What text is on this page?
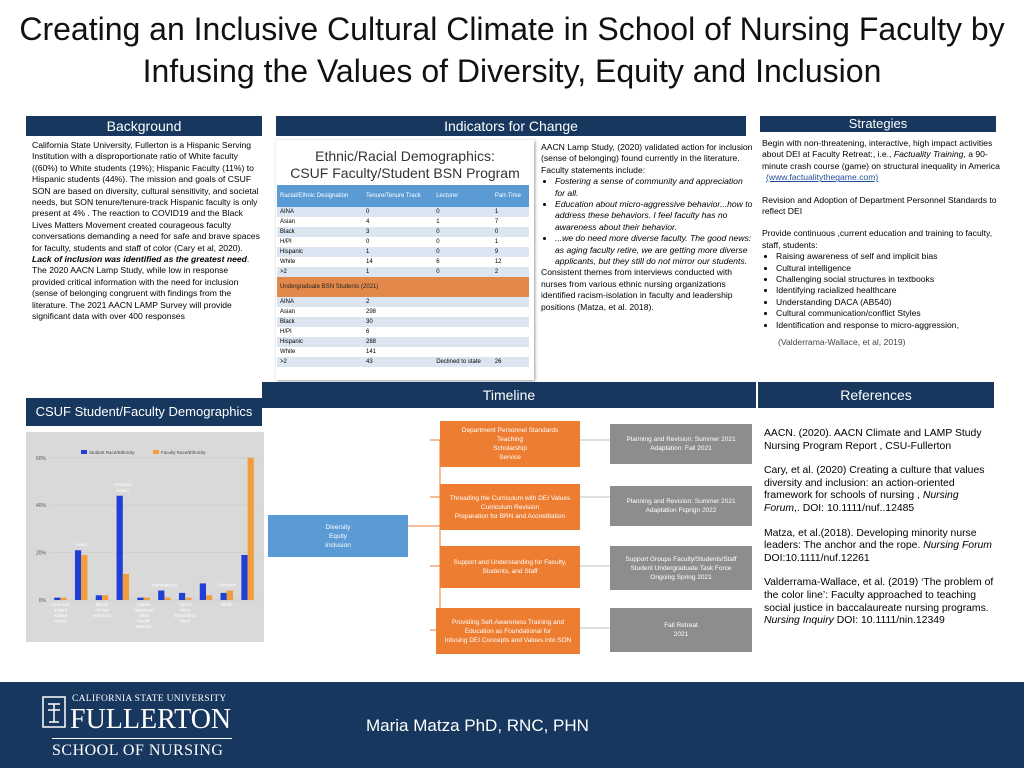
Creating an Inclusive Cultural Climate in School of Nursing Faculty by Infusing the Values of Diversity, Equity and Inclusion
Background
California State University, Fullerton is a Hispanic Serving Institution with a disproportionate ratio of White faculty ((60%) to White students (19%); Hispanic Faculty (11%) to Hispanic students (44%). The mission and goals of CSUF SON are based on diversity, cultural sensitivity, and societal needs, but SON tenure/tenure-track Hispanic faculty is only present at 4% . The reaction to COVID19 and the Black Lives Matters Movement created courageous faculty conversations demanding a need for safe and brave spaces for faculty, students and staff of color (Cary et al, 2020). Lack of inclusion was identified as the greatest need. The 2020 AACN Lamp Study, while low in response provided critical information with the need for inclusion (sense of belonging congruent with findings from the literature. The 2021 AACN LAMP Survey will provide significant data with over 400 responses
Indicators for Change
Ethnic/Racial Demographics:
CSUF Faculty/Student BSN Program
Racial/Ethnic Designation	Tenure/Tenure Track	Lecturer	Part-Time
AINA	0	0	1
Asian	4	1	7
Black	3	0	0
H/PI	0	0	1
Hispanic	1	0	9
White	14	6	12
>2	1	0	2
Undergraduate BSN Students (2021)			
AINA	2		
Asian	298		
Black	30		
H/PI	6		
Hispanic	288		
White	141		
>2	43	Declined to state	26
AACN Lamp Study, (2020) validated action for inclusion (sense of belonging) found currently in the literature. Faculty statements include:
• Fostering a sense of community and appreciation for all.
• Education about micro-aggressive behavior...how to address these behaviors. I feel faculty has no awareness about their behavior.
• ...we do need more diverse faculty. The good news: as aging faculty retire, we are getting more diverse applicants, but they still do not mirror our students.
Consistent themes from interviews conducted with nurses from various ethnic nursing organizations identified racism-isolation in faculty and leadership positions (Matza, et al. 2018).
Strategies
Begin with non-threatening, interactive, high impact activities about DEI at Faculty Retreat:, i.e., Factuality Training, a 90-minute crash course (game) on structural inequality in America
(www.factualitythegame.com)
Revision and Adoption of Department Personnel Standards to reflect DEI
Provide continuous ,current education and training to faculty, staff, students:
• Raising awareness of self and implicit bias
• Cultural intelligence
• Challenging social structures in textbooks
• Identifying racialized healthcare
• Understanding DACA (AB540)
• Cultural communication/conflict Styles
• Identification and response to micro-aggression,
(Valderrama-Wallace, et al, 2019)
CSUF Student/Faculty Demographics
0%
20%
40%
60%
Student Race/Ethnicity	Faculty Race/Ethnicity
Asian
Hispanic/
Latino
International	Unknown
American
Indian/
Alaska
Native
Black/
African
American
Native
Hawaiian/
Other
Pacific
Islander
Two or
More
Ethnicities/
Race
White
Timeline
Diversity
Equity
Inclusion
Department Personnel Standards
Teaching
Scholarship
Service
Threading the Curriculum with DEI Values
Curriculum Revision
Preparation for BRN and Accreditation
Support and Understanding for Faculty,
Students, and Staff
Providing Self-Awareness Training and
Education as Foundational for
Infusing DEI Concepts and Values into SON
Planning and Revision: Summer 2021
Adaptation: Fall 2021
Planning and Revision: Summer 2021
Adaptation Fsprign 2022
Support Groups Faculty/Students/Staff
Student Undergraduate Task Force
Ongoing Spring 2021
Fall Retreat
2021
References

AACN. (2020). AACN Climate and LAMP Study Nursing Program Report , CSU-Fullerton

Cary, et al. (2020) Creating a culture that values diversity and inclusion: an action-oriented framework for schools of nursing , Nursing Forum,. DOI: 10.1111/nuf..12485

Matza, et al.(2018). Developing minority nurse leaders: The anchor and the rope. Nursing Forum DOI:10.1111/nuf.12261

Valderrama-Wallace, et al. (2019) ‘The problem of the color line’: Faculty approached to teaching social justice in baccalaureate nursing programs. Nursing Inquiry DOI: 10.1111/nin.12349

CALIFORNIA STATE UNIVERSITY
FULLERTON
SCHOOL OF NURSING
Maria Matza PhD, RNC, PHN
